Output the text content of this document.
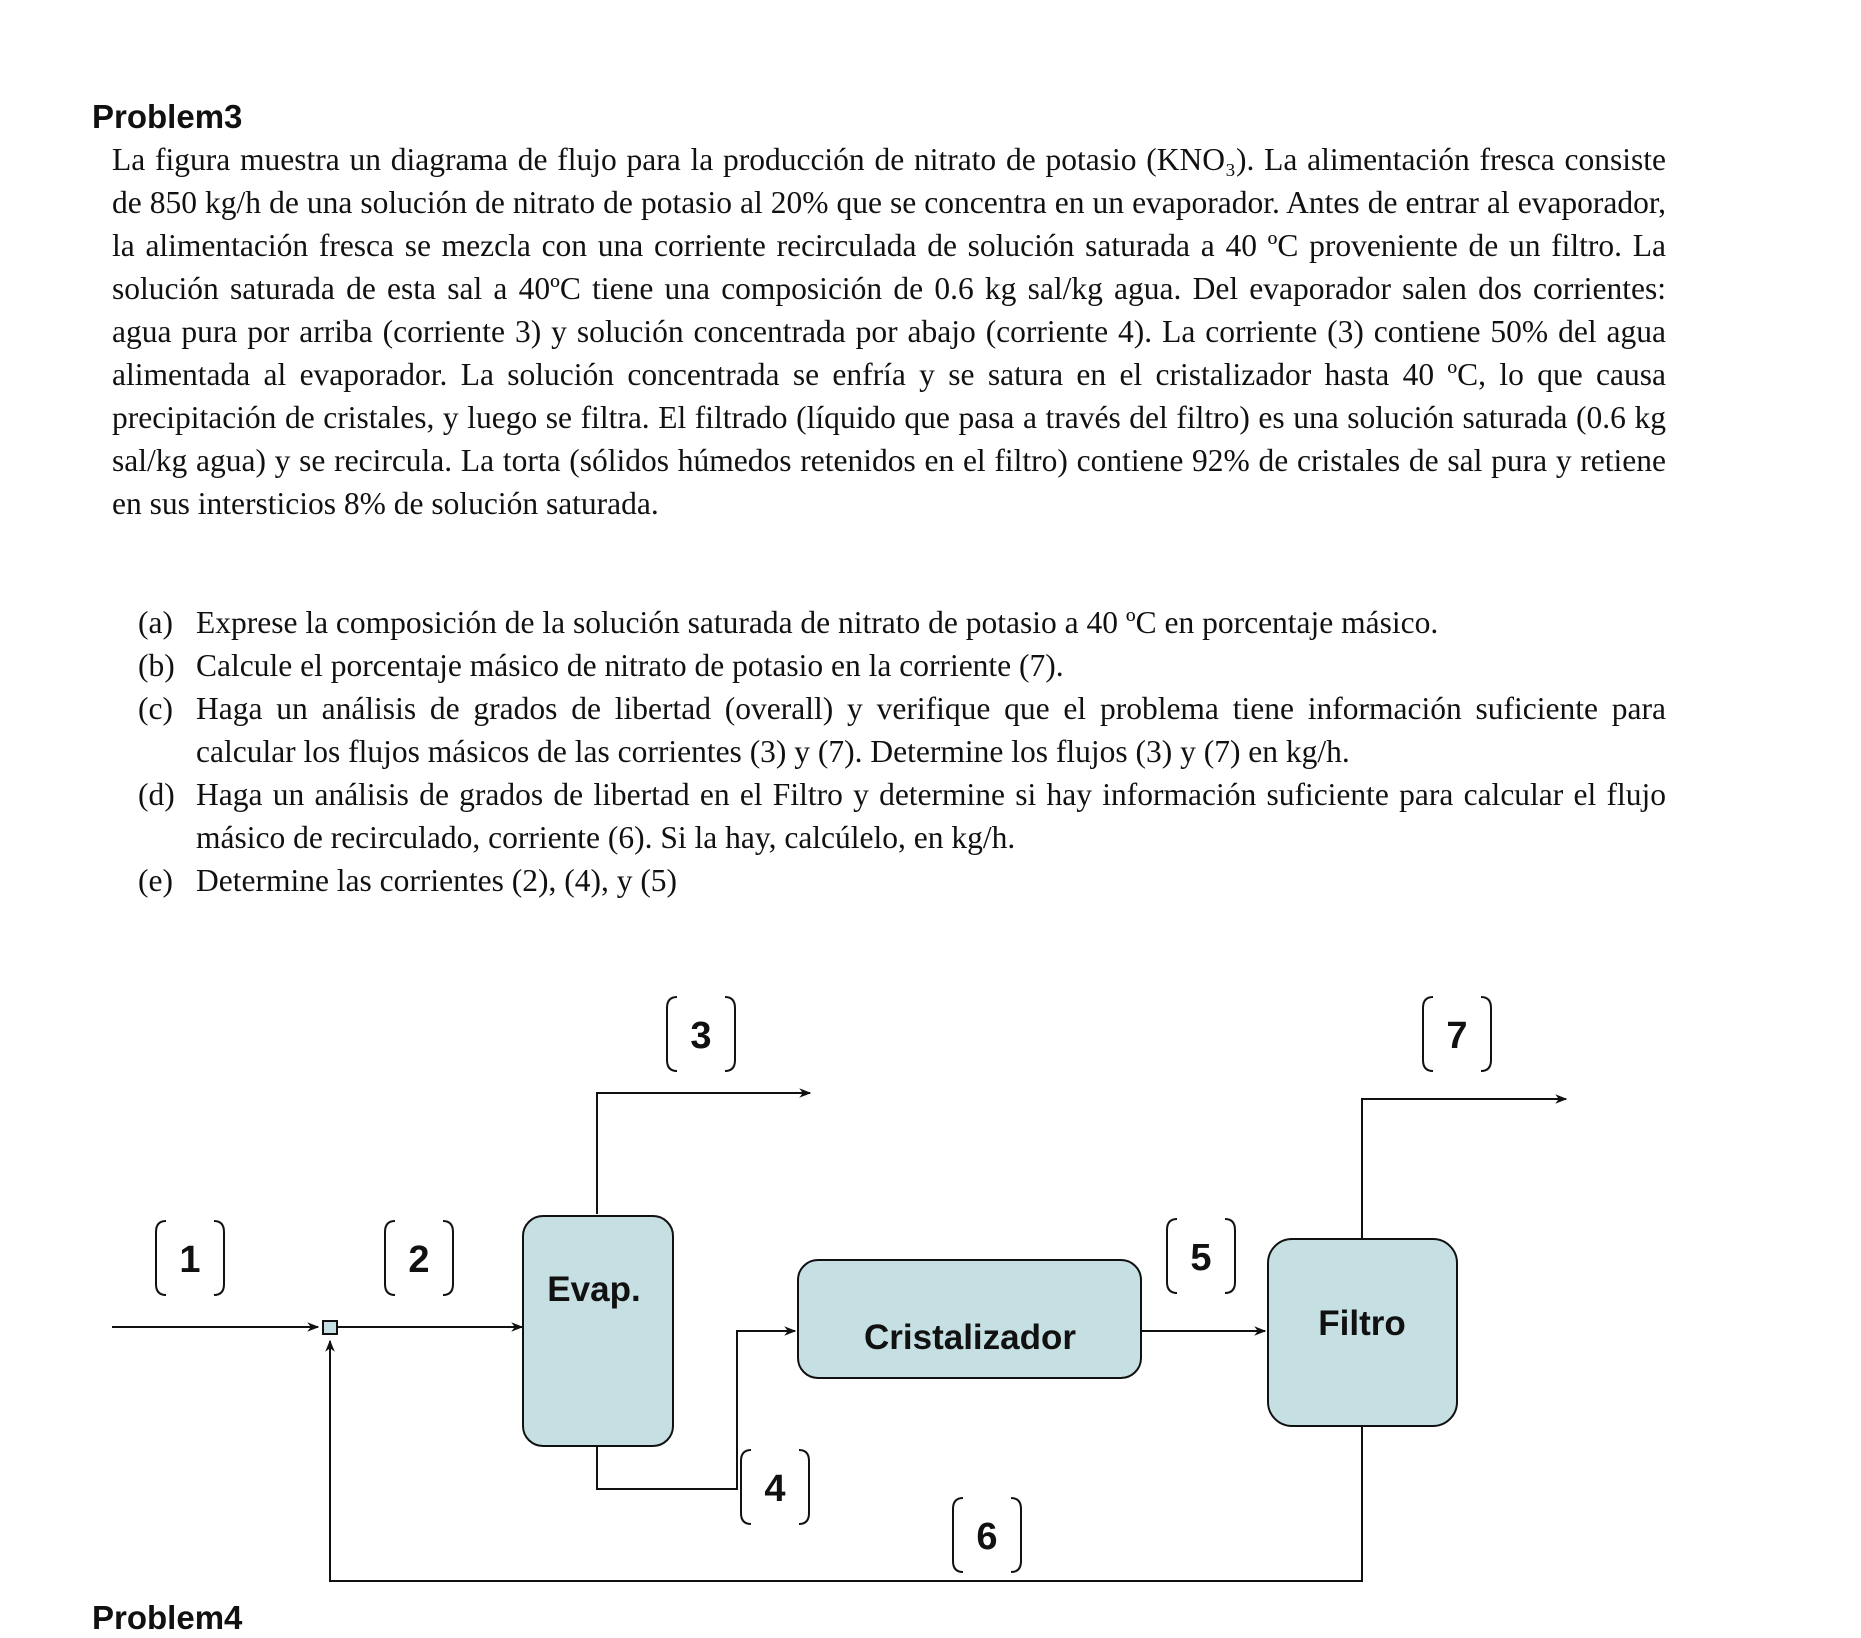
Problem3

La figura muestra un diagrama de flujo para la producción de nitrato de potasio (KNO₃). La alimentación fresca consiste de 850 kg/h de una solución de nitrato de potasio al 20% que se concentra en un evaporador. Antes de entrar al evaporador, la alimentación fresca se mezcla con una corriente recirculada de solución saturada a 40 ºC proveniente de un filtro. La solución saturada de esta sal a 40ºC tiene una composición de 0.6 kg sal/kg agua. Del evaporador salen dos corrientes: agua pura por arriba (corriente 3) y solución concentrada por abajo (corriente 4). La corriente (3) contiene 50% del agua alimentada al evaporador. La solución concentrada se enfría y se satura en el cristalizador hasta 40 ºC, lo que causa precipitación de cristales, y luego se filtra. El filtrado (líquido que pasa a través del filtro) es una solución saturada (0.6 kg sal/kg agua) y se recircula. La torta (sólidos húmedos retenidos en el filtro) contiene 92% de cristales de sal pura y retiene en sus intersticios 8% de solución saturada.

(a) Exprese la composición de la solución saturada de nitrato de potasio a 40 ºC en porcentaje másico.
(b) Calcule el porcentaje másico de nitrato de potasio en la corriente (7).
(c) Haga un análisis de grados de libertad (overall) y verifique que el problema tiene información suficiente para calcular los flujos másicos de las corrientes (3) y (7). Determine los flujos (3) y (7) en kg/h.
(d) Haga un análisis de grados de libertad en el Filtro y determine si hay información suficiente para calcular el flujo másico de recirculado, corriente (6). Si la hay, calcúlelo, en kg/h.
(e) Determine las corrientes (2), (4), y (5)
Evap.
Cristalizador	Filtro
1	2
3
4
5
6
7
Problem4
